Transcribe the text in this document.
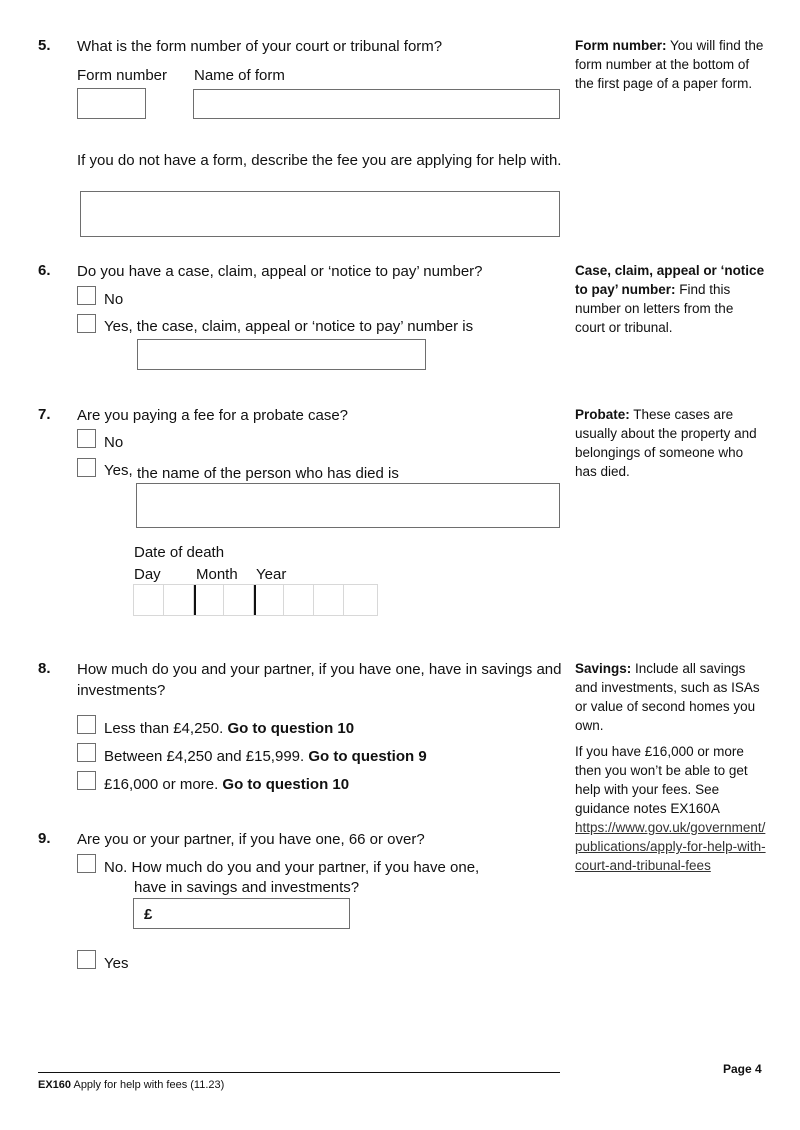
5. What is the form number of your court or tribunal form?
Form number Name of form
If you do not have a form, describe the fee you are applying for help with.
Form number: You will find the form number at the bottom of the first page of a paper form.
6. Do you have a case, claim, appeal or ‘notice to pay’ number?
No
Yes, the case, claim, appeal or ‘notice to pay’ number is
Case, claim, appeal or ‘notice to pay’ number: Find this number on letters from the court or tribunal.
7. Are you paying a fee for a probate case?
No
Yes, the name of the person who has died is
Date of death
Day Month Year
Probate: These cases are usually about the property and belongings of someone who has died.
8. How much do you and your partner, if you have one, have in savings and investments?
Less than £4,250. Go to question 10
Between £4,250 and £15,999. Go to question 9
£16,000 or more. Go to question 10
Savings: Include all savings and investments, such as ISAs or value of second homes you own.
If you have £16,000 or more then you won’t be able to get help with your fees. See guidance notes EX160A
https://www.gov.uk/government/publications/apply-for-help-with-court-and-tribunal-fees
9. Are you or your partner, if you have one, 66 or over?
No. How much do you and your partner, if you have one, have in savings and investments?
£
Yes
Page 4
EX160 Apply for help with fees (11.23)
